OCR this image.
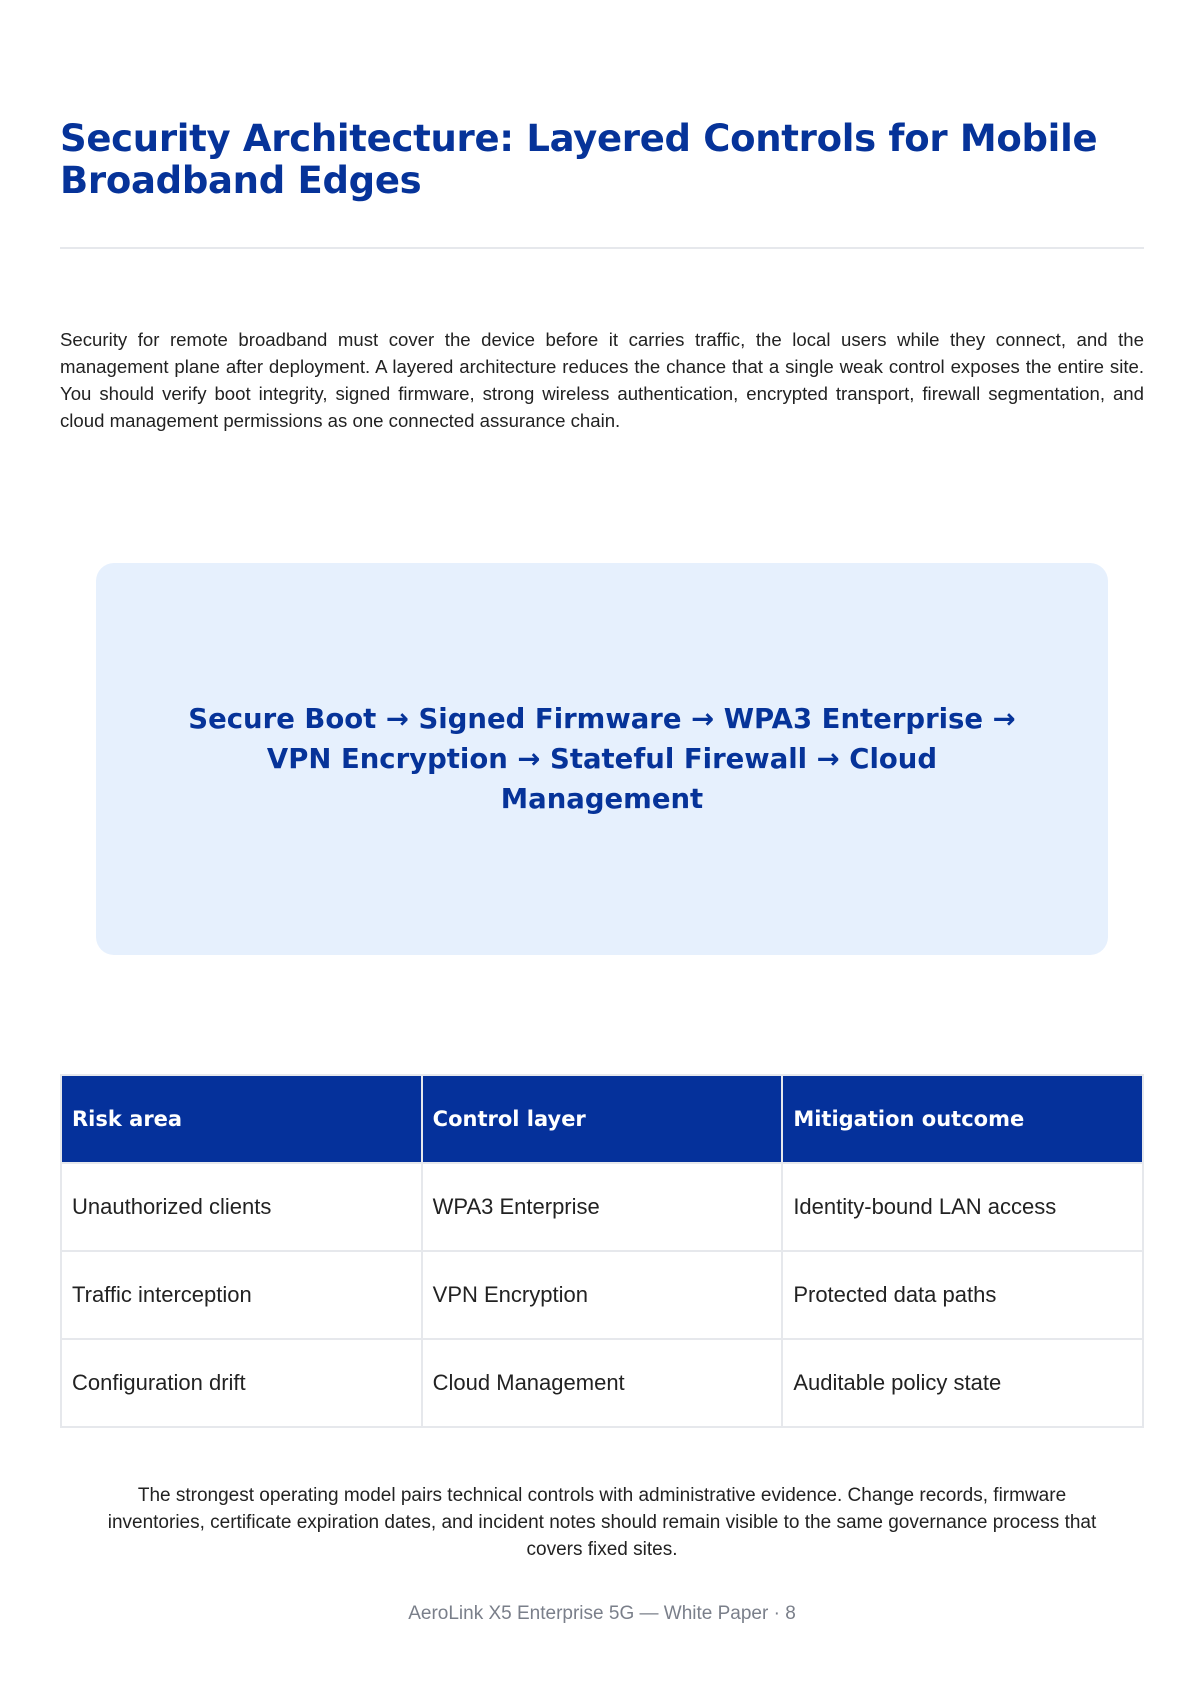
Security Architecture: Layered Controls for Mobile Broadband Edges

Security for remote broadband must cover the device before it carries traffic, the local users while they connect, and the management plane after deployment. A layered architecture reduces the chance that a single weak control exposes the entire site. You should verify boot integrity, signed firmware, strong wireless authentication, encrypted transport, firewall segmentation, and cloud management permissions as one connected assurance chain.

Secure Boot → Signed Firmware → WPA3 Enterprise → VPN Encryption → Stateful Firewall → Cloud Management

Risk area	Control layer	Mitigation outcome
Unauthorized clients	WPA3 Enterprise	Identity-bound LAN access
Traffic interception	VPN Encryption	Protected data paths
Configuration drift	Cloud Management	Auditable policy state

The strongest operating model pairs technical controls with administrative evidence. Change records, firmware inventories, certificate expiration dates, and incident notes should remain visible to the same governance process that covers fixed sites.

AeroLink X5 Enterprise 5G — White Paper · 8
